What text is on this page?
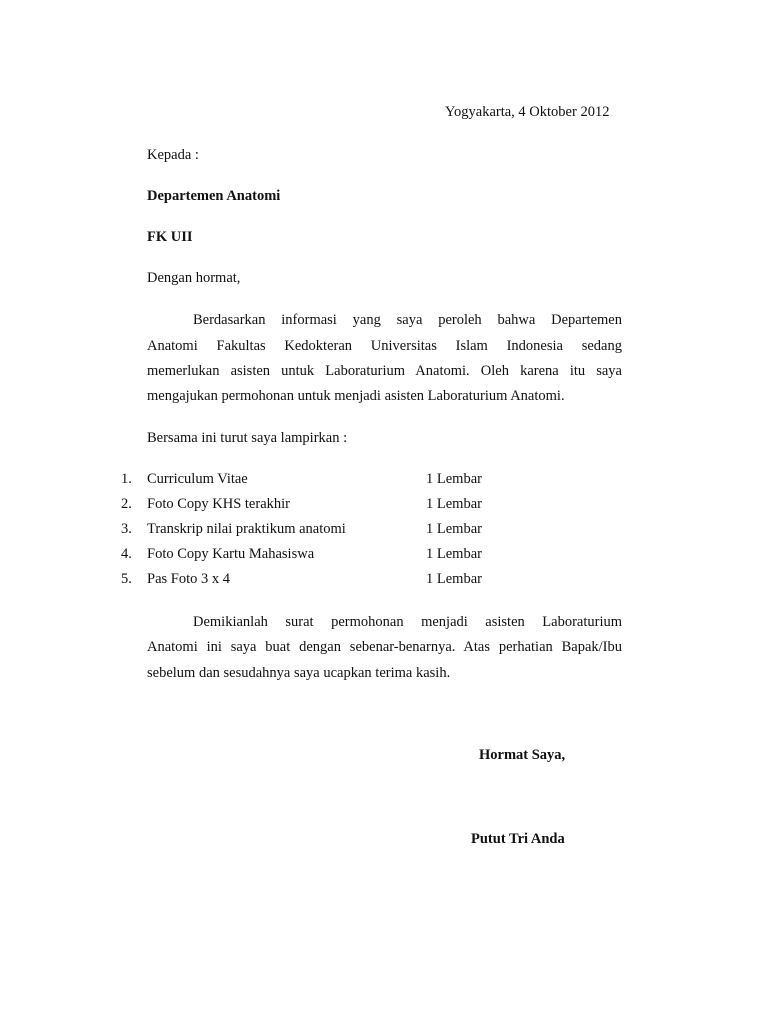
Yogyakarta, 4 Oktober 2012
Kepada :
Departemen Anatomi
FK UII
Dengan hormat,
Berdasarkan informasi yang saya peroleh bahwa Departemen
Anatomi Fakultas Kedokteran Universitas Islam Indonesia sedang
memerlukan asisten untuk Laboraturium Anatomi. Oleh karena itu saya
mengajukan permohonan untuk menjadi asisten Laboraturium Anatomi.
Bersama ini turut saya lampirkan :
1. Curriculum Vitae	1 Lembar
2. Foto Copy KHS terakhir	1 Lembar
3. Transkrip nilai praktikum anatomi	1 Lembar
4. Foto Copy Kartu Mahasiswa	1 Lembar
5. Pas Foto 3 x 4	1 Lembar
Demikianlah surat permohonan menjadi asisten Laboraturium
Anatomi ini saya buat dengan sebenar-benarnya. Atas perhatian Bapak/Ibu
sebelum dan sesudahnya saya ucapkan terima kasih.
Hormat Saya,
Putut Tri Anda
